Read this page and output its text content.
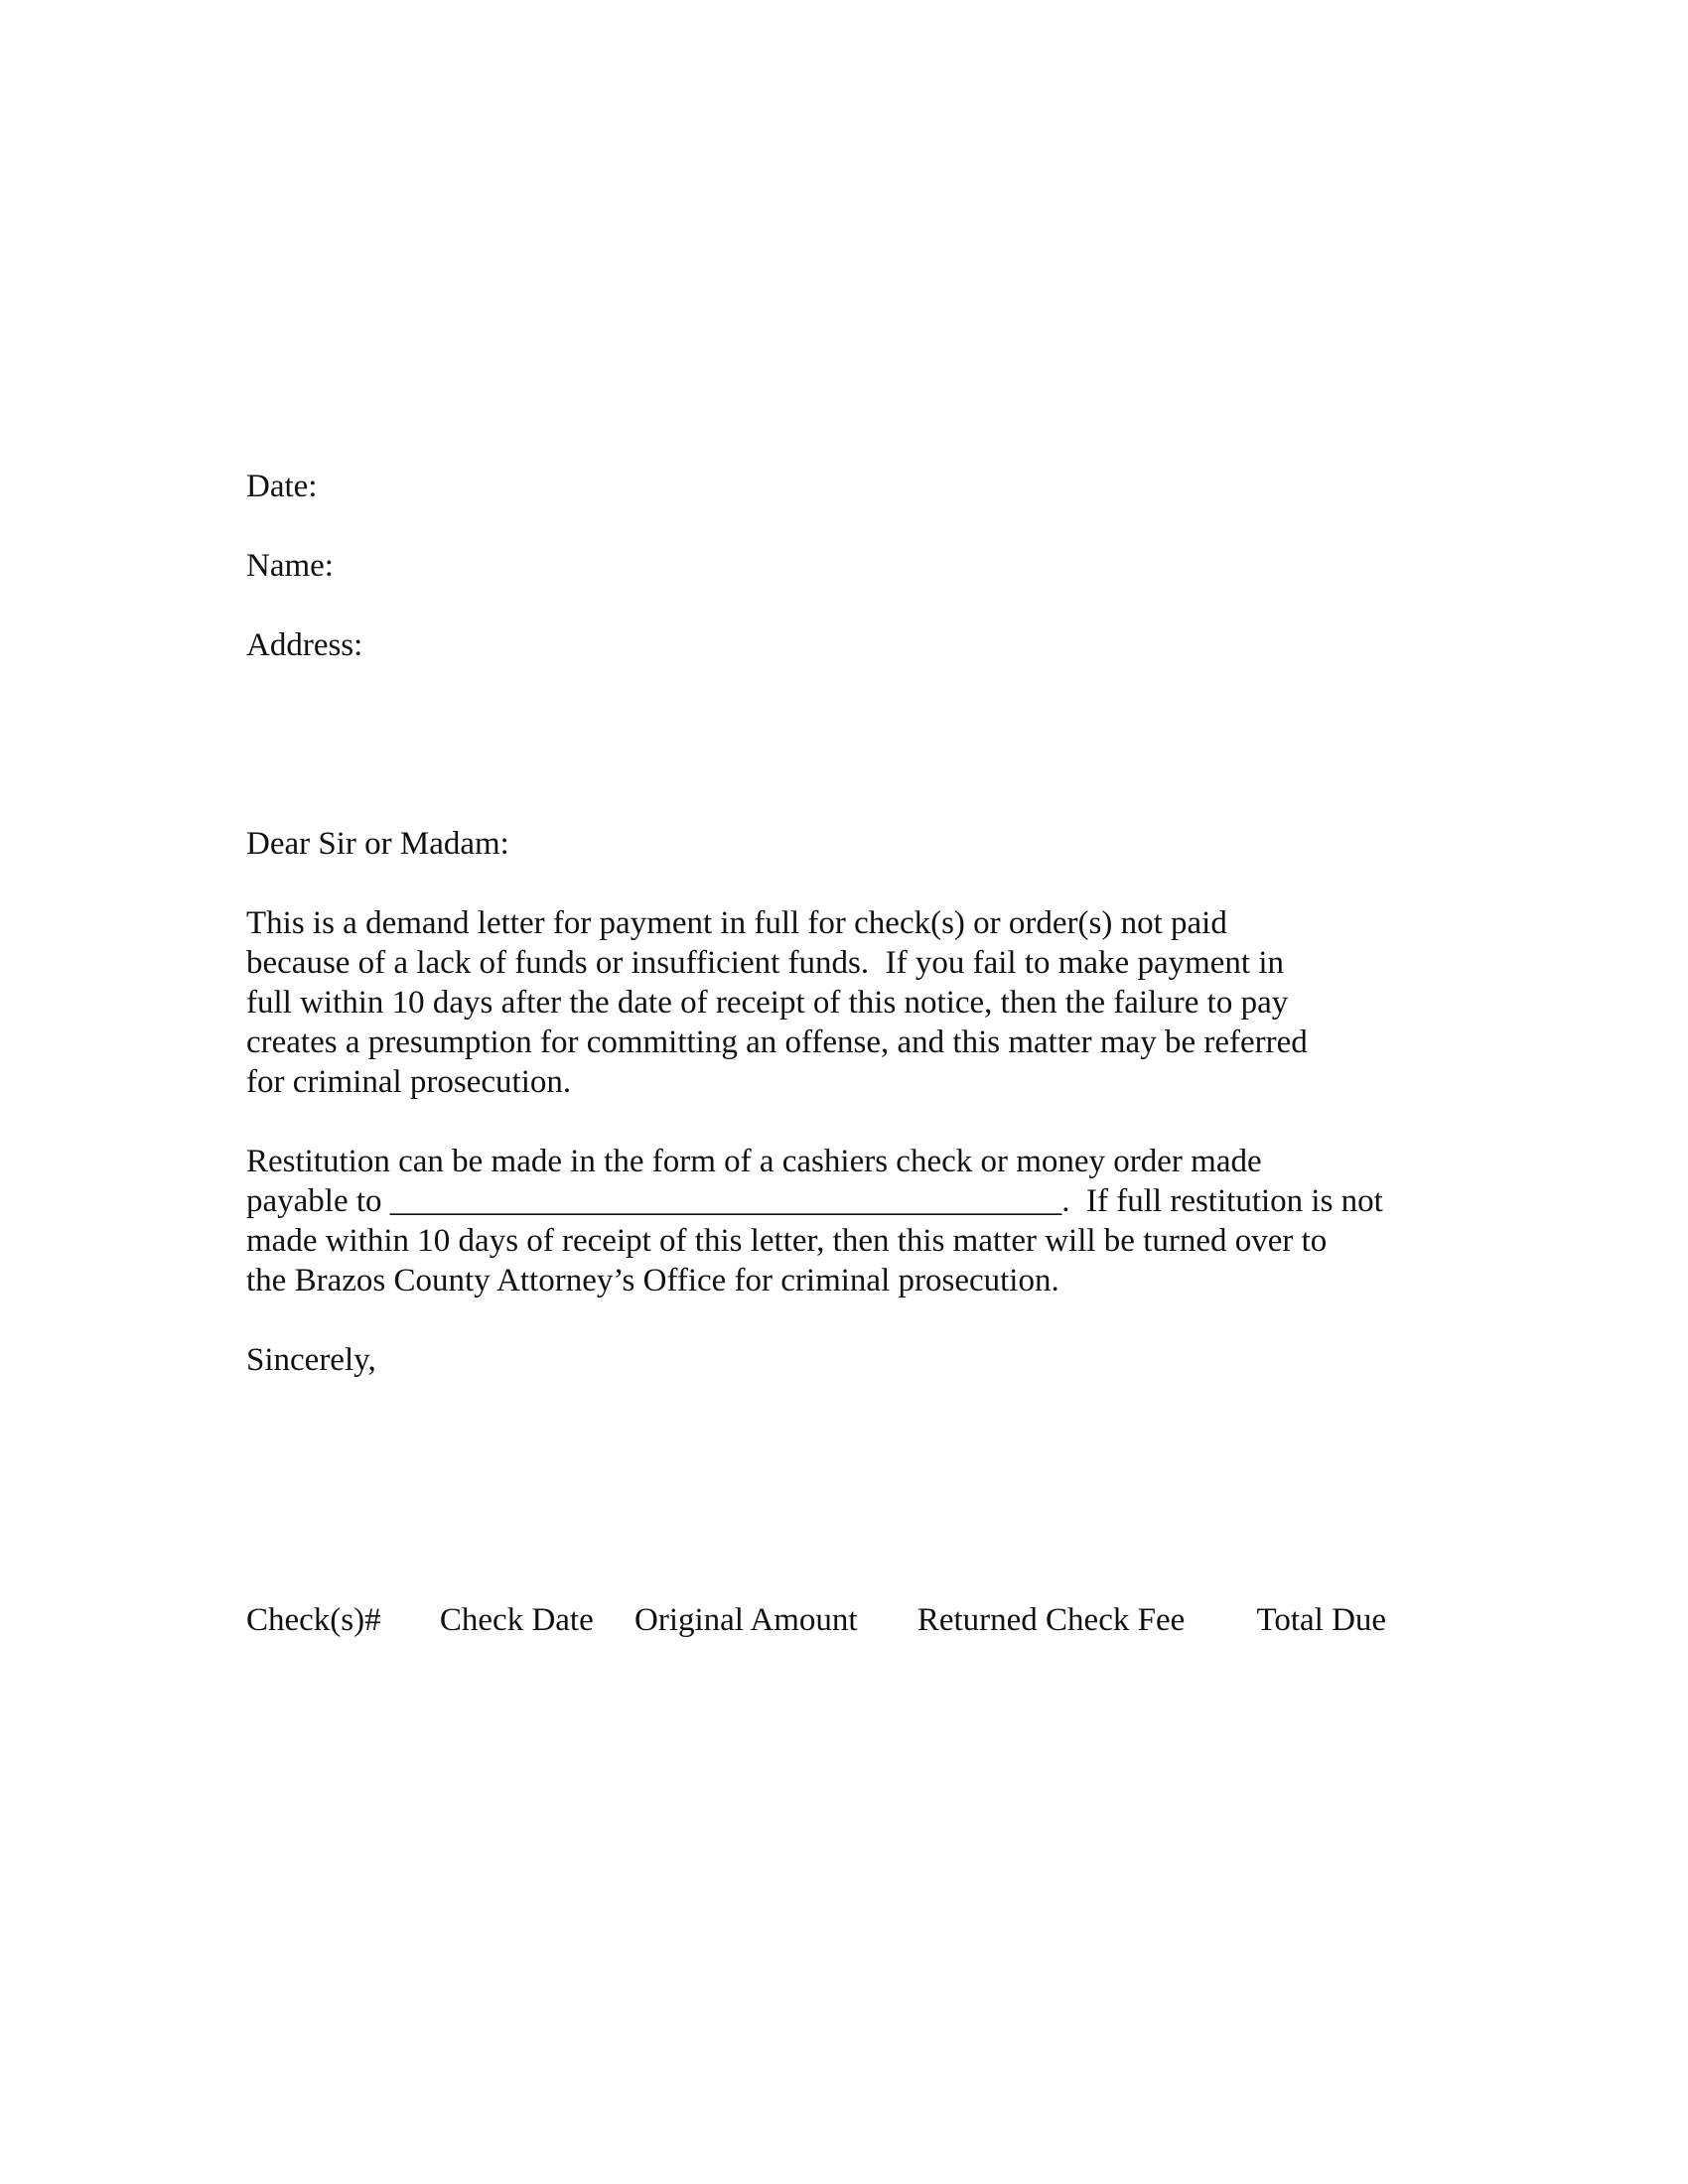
Date:
Name:
Address:
Dear Sir or Madam:
This is a demand letter for payment in full for check(s) or order(s) not paid
because of a lack of funds or insufficient funds.  If you fail to make payment in
full within 10 days after the date of receipt of this notice, then the failure to pay
creates a presumption for committing an offense, and this matter may be referred
for criminal prosecution.
Restitution can be made in the form of a cashiers check or money order made
payable to _________________________________________.  If full restitution is not
made within 10 days of receipt of this letter, then this matter will be turned over to
the Brazos County Attorney’s Office for criminal prosecution.
Sincerely,
Check(s)# Check Date Original Amount Returned Check Fee Total Due
